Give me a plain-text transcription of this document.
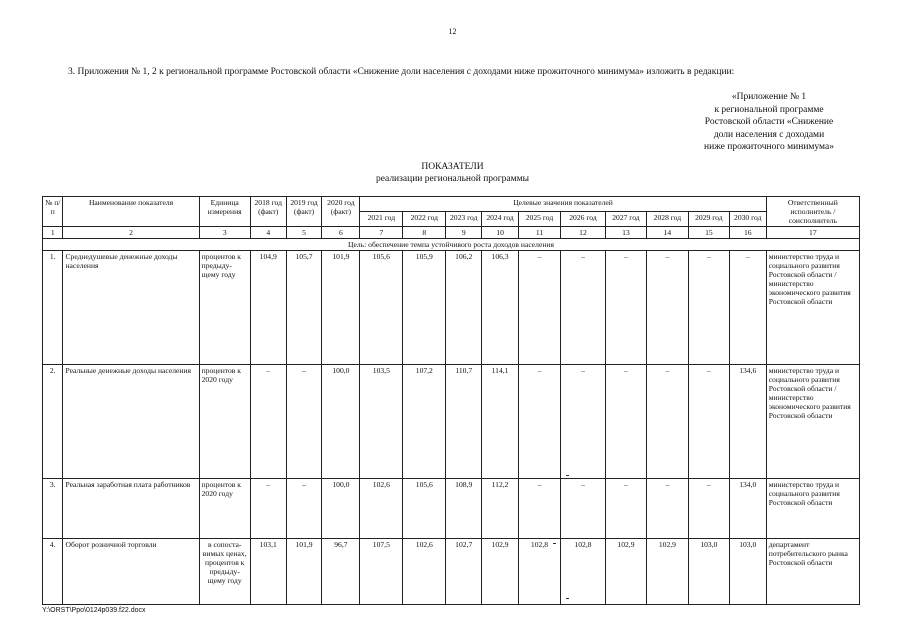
12
3. Приложения № 1, 2 к региональной программе Ростовской области «Снижение доли населения с доходами ниже прожиточного минимума» изложить в редакции:
«Приложение № 1
к региональной программе
Ростовской области «Снижение
доли населения с доходами
ниже прожиточного минимума»
ПОКАЗАТЕЛИ
реализации региональной программы
№ п/п	Наименование показателя	Единица измерения	2018 год (факт)	2019 год (факт)	2020 год (факт)	Целевые значения показателей										Ответственный исполнитель / соисполнитель
						2021 год	2022 год	2023 год	2024 год	2025 год	2026 год	2027 год	2028 год	2029 год	2030 год	
1	2	3	4	5	6	7	8	9	10	11	12	13	14	15	16	17
Цель: обеспечение темпа устойчивого роста доходов населения																
1.	Среднедушевые денежные доходы населения	процентов к предыду-щему году	104,9	105,7	101,9	105,6	105,9	106,2	106,3	–	–	–	–	–	–	министерство труда и социального развития Ростовской области / министерство экономического развития Ростовской области
2.	Реальные денежные доходы населения	процентов к 2020 году	–	–	100,0	103,5	107,2	110,7	114,1	–	–	–	–	–	134,6	министерство труда и социального развития Ростовской области / министерство экономического развития Ростовской области
3.	Реальная заработная плата работников	процентов к 2020 году	–	–	100,0	102,6	105,6	108,9	112,2	–	–	–	–	–	134,0	министерство труда и социального развития Ростовской области
4.	Оборот розничной торговли	в сопоста-вимых ценах, процентов к предыду-щему году	103,1	101,9	96,7	107,5	102,6	102,7	102,9	102,8	102,8	102,9	102,9	103,0	103,0	департамент потребительского рынка Ростовской области
Y:\ORST\Ppo\0124p039.f22.docx
